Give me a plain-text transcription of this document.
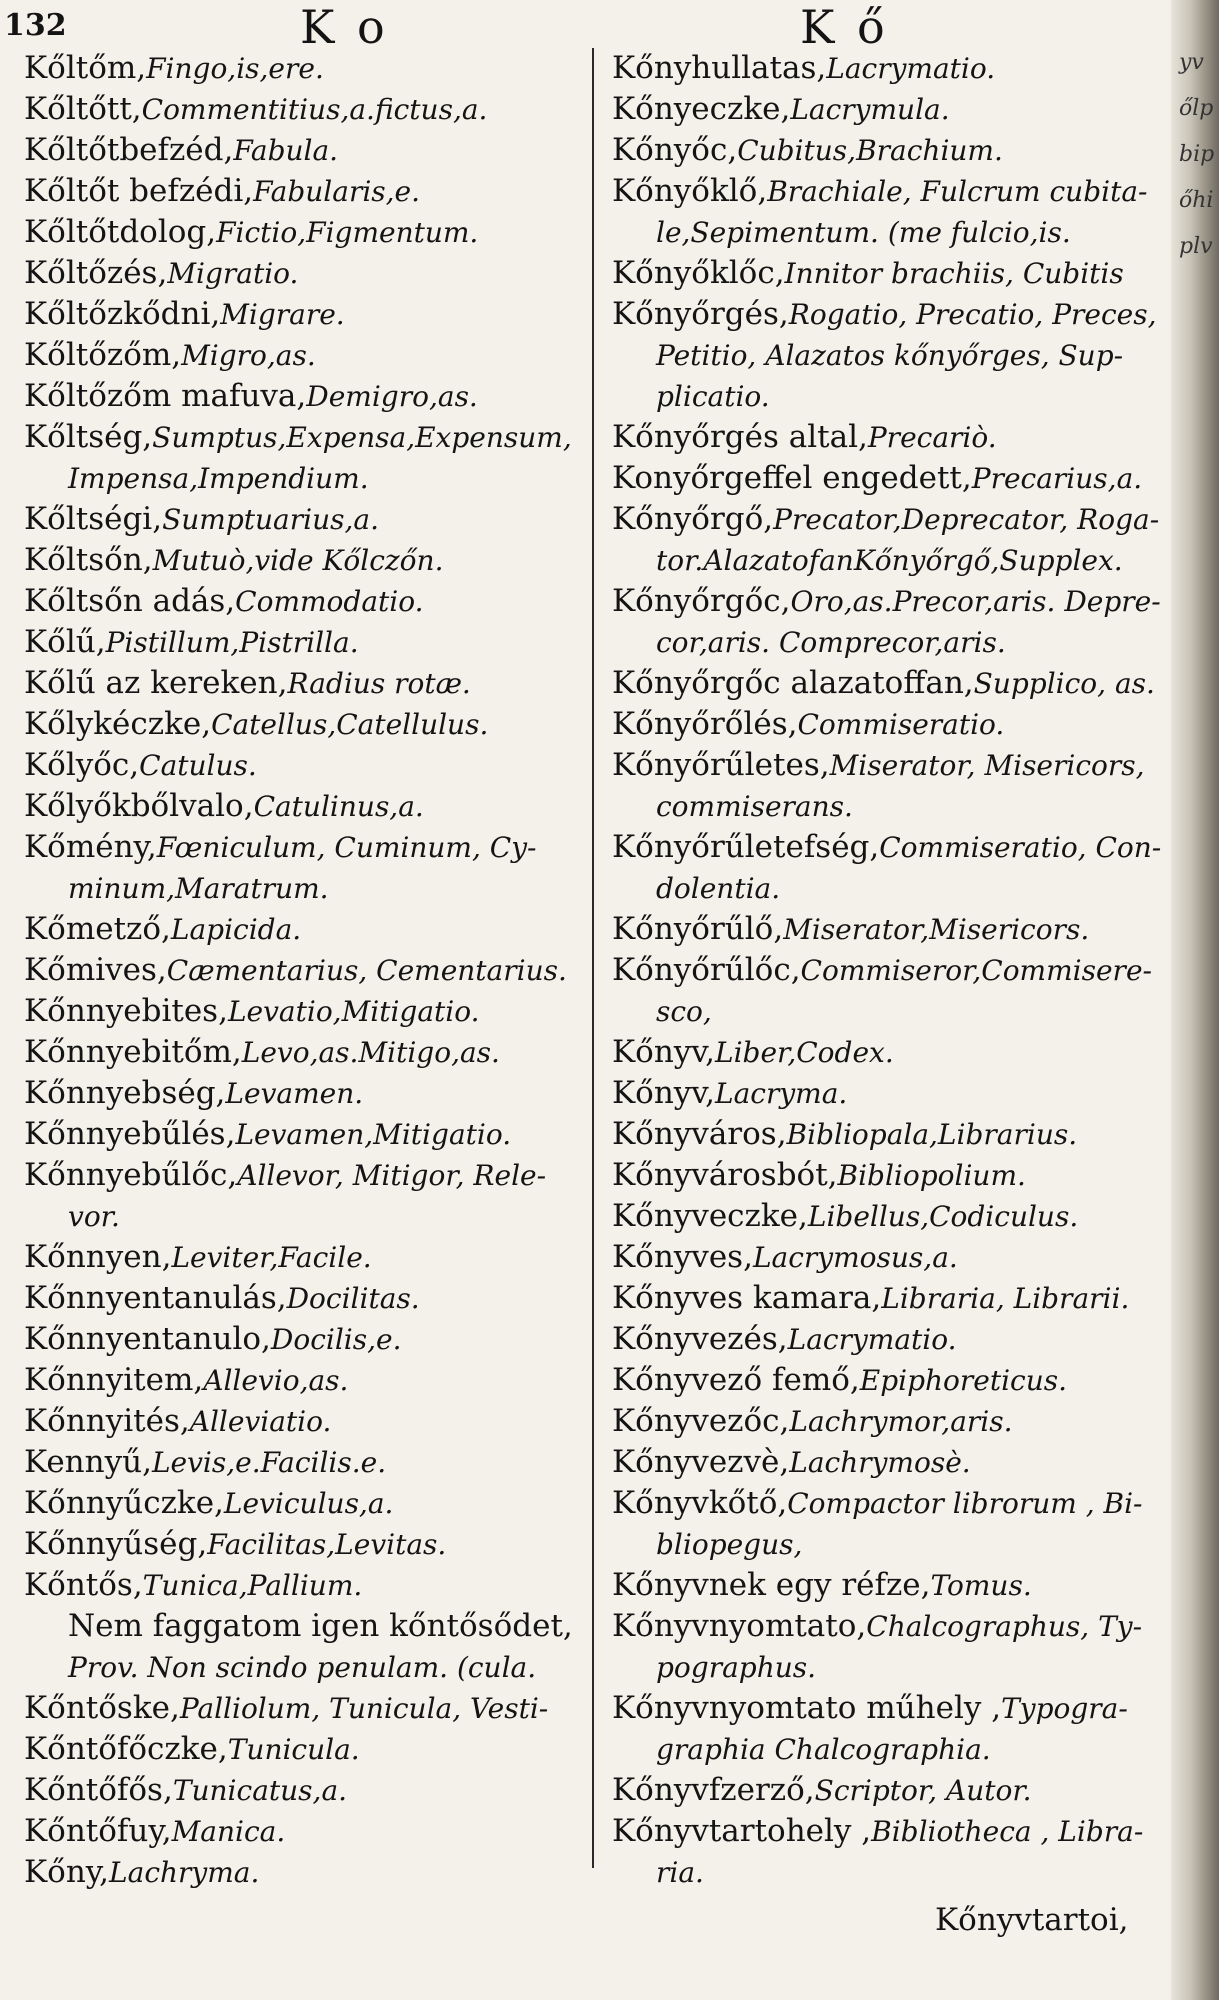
yvőlpbipőhiplv
132	K o	K ő
Kőltőm,Fingo,is,ere.
Kőltőtt,Commentitius,a.fictus,a.
Kőltőtbefzéd,Fabula.
Kőltőt befzédi,Fabularis,e.
Kőltőtdolog,Fictio,Figmentum.
Kőltőzés,Migratio.
Kőltőzkődni,Migrare.
Kőltőzőm,Migro,as.
Kőltőzőm mafuva,Demigro,as.
Kőltség,Sumptus,Expensa,Expensum,
Impensa,Impendium.
Kőltségi,Sumptuarius,a.
Kőltsőn,Mutuò,vide Kőlczőn.
Kőltsőn adás,Commodatio.
Kőlű,Pistillum,Pistrilla.
Kőlű az kereken,Radius rotæ.
Kőlykéczke,Catellus,Catellulus.
Kőlyőc,Catulus.
Kőlyőkbőlvalo,Catulinus,a.
Kőmény,Fœniculum, Cuminum, Cy-
minum,Maratrum.
Kőmetző,Lapicida.
Kőmives,Cæmentarius, Cementarius.
Kőnnyebites,Levatio,Mitigatio.
Kőnnyebitőm,Levo,as.Mitigo,as.
Kőnnyebség,Levamen.
Kőnnyebűlés,Levamen,Mitigatio.
Kőnnyebűlőc,Allevor, Mitigor, Rele-
vor.
Kőnnyen,Leviter,Facile.
Kőnnyentanulás,Docilitas.
Kőnnyentanulo,Docilis,e.
Kőnnyitem,Allevio,as.
Kőnnyités,Alleviatio.
Kennyű,Levis,e.Facilis.e.
Kőnnyűczke,Leviculus,a.
Kőnnyűség,Facilitas,Levitas.
Kőntős,Tunica,Pallium.
Nem faggatom igen kőntősődet,
Prov. Non scindo penulam. (cula.
Kőntőske,Palliolum, Tunicula, Vesti-
Kőntőfőczke,Tunicula.
Kőntőfős,Tunicatus,a.
Kőntőfuy,Manica.
Kőny,Lachryma.
Kőnyhullatas,Lacrymatio.
Kőnyeczke,Lacrymula.
Kőnyőc,Cubitus,Brachium.
Kőnyőklő,Brachiale, Fulcrum cubita-
le,Sepimentum. (me fulcio,is.
Kőnyőklőc,Innitor brachiis, Cubitis
Kőnyőrgés,Rogatio, Precatio, Preces,
Petitio, Alazatos kőnyőrges, Sup-
plicatio.
Kőnyőrgés altal,Precariò.
Konyőrgeffel engedett,Precarius,a.
Kőnyőrgő,Precator,Deprecator, Roga-
tor.AlazatofanKőnyőrgő,Supplex.
Kőnyőrgőc,Oro,as.Precor,aris. Depre-
cor,aris. Comprecor,aris.
Kőnyőrgőc alazatoffan,Supplico, as.
Kőnyőrőlés,Commiseratio.
Kőnyőrűletes,Miserator, Misericors,
commiserans.
Kőnyőrűletefség,Commiseratio, Con-
dolentia.
Kőnyőrűlő,Miserator,Misericors.
Kőnyőrűlőc,Commiseror,Commisere-
sco,
Kőnyv,Liber,Codex.
Kőnyv,Lacryma.
Kőnyváros,Bibliopala,Librarius.
Kőnyvárosbót,Bibliopolium.
Kőnyveczke,Libellus,Codiculus.
Kőnyves,Lacrymosus,a.
Kőnyves kamara,Libraria, Librarii.
Kőnyvezés,Lacrymatio.
Kőnyvező femő,Epiphoreticus.
Kőnyvezőc,Lachrymor,aris.
Kőnyvezvè,Lachrymosè.
Kőnyvkőtő,Compactor librorum , Bi-
bliopegus,
Kőnyvnek egy réfze,Tomus.
Kőnyvnyomtato,Chalcographus, Ty-
pographus.
Kőnyvnyomtato műhely ,Typogra-
graphia Chalcographia.
Kőnyvfzerző,Scriptor, Autor.
Kőnyvtartohely ,Bibliotheca , Libra-
ria.
Kőnyvtartoi,
